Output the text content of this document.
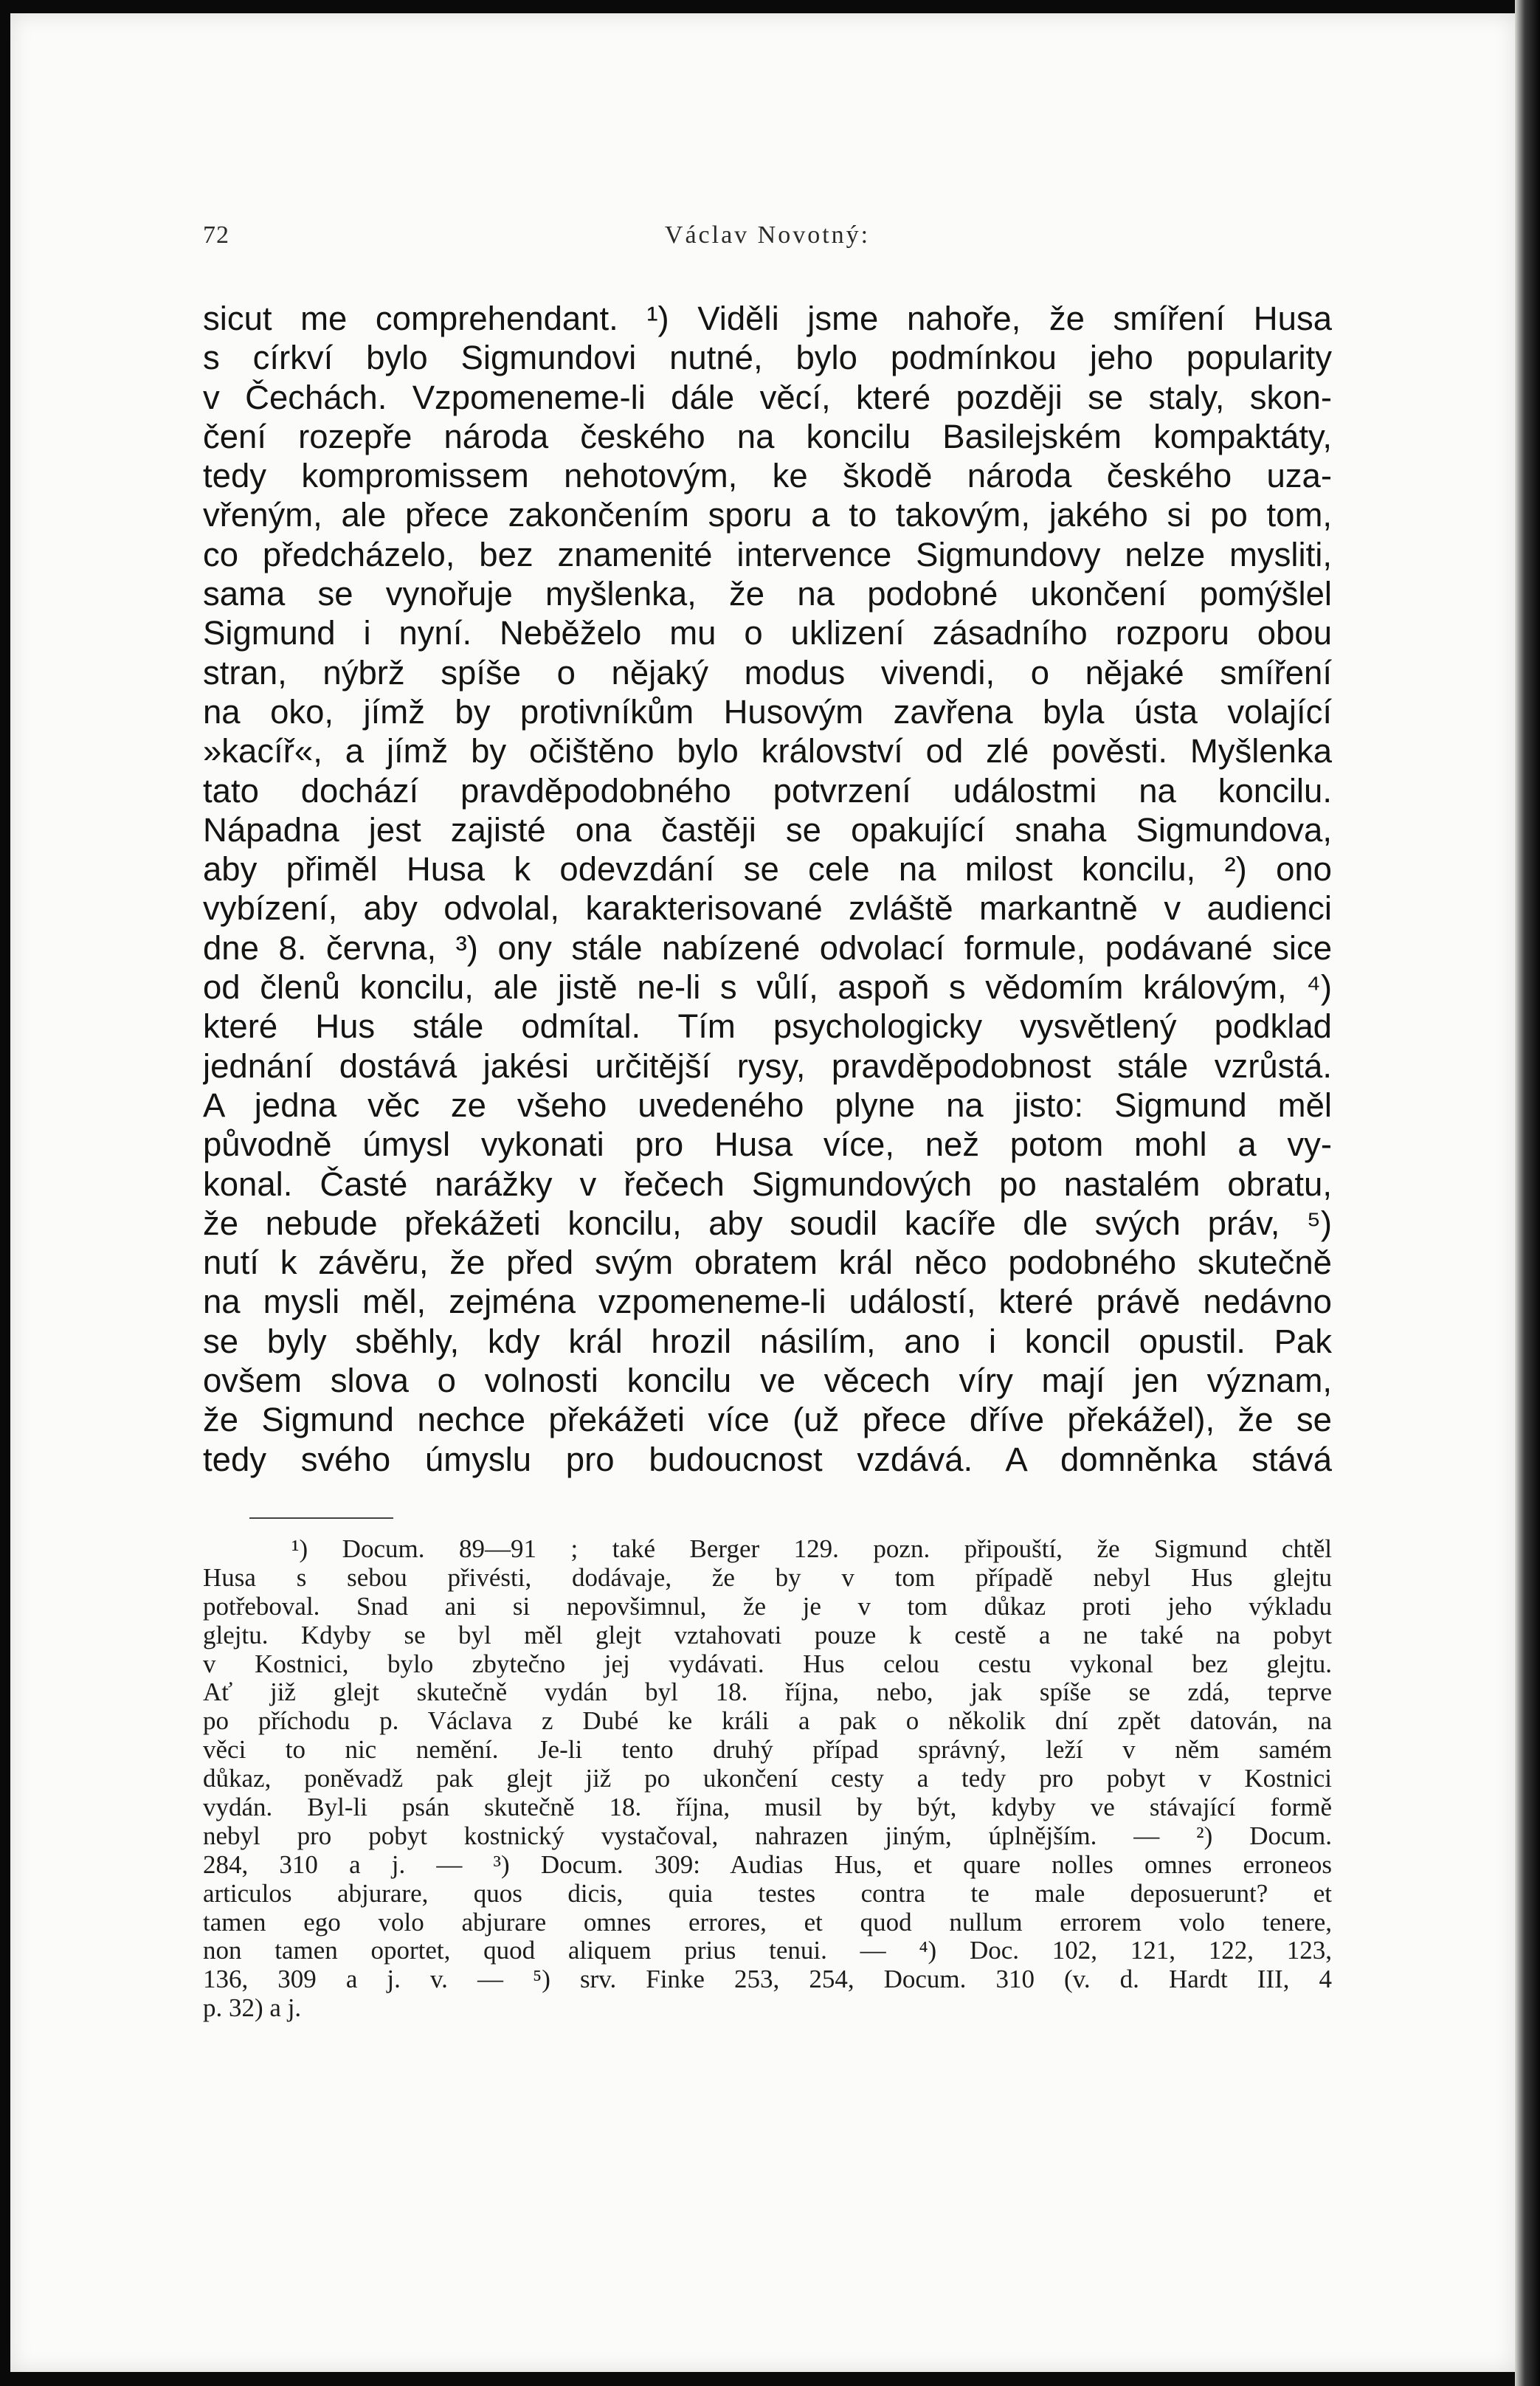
72	Václav Novotný:
sicut me comprehendant. ¹) Viděli jsme nahoře, že smíření Husa
s církví bylo Sigmundovi nutné, bylo podmínkou jeho popularity
v Čechách. Vzpomeneme-li dále věcí, které později se staly, skon-
čení rozepře národa českého na koncilu Basilejském kompaktáty,
tedy kompromissem nehotovým, ke škodě národa českého uza-
vřeným, ale přece zakončením sporu a to takovým, jakého si po tom,
co předcházelo, bez znamenité intervence Sigmundovy nelze mysliti,
sama se vynořuje myšlenka, že na podobné ukončení pomýšlel
Sigmund i nyní. Neběželo mu o uklizení zásadního rozporu obou
stran, nýbrž spíše o nějaký modus vivendi, o nějaké smíření
na oko, jímž by protivníkům Husovým zavřena byla ústa volající
»kacíř«, a jímž by očištěno bylo království od zlé pověsti. Myšlenka
tato dochází pravděpodobného potvrzení událostmi na koncilu.
Nápadna jest zajisté ona častěji se opakující snaha Sigmundova,
aby přiměl Husa k odevzdání se cele na milost koncilu, ²) ono
vybízení, aby odvolal, karakterisované zvláště markantně v audienci
dne 8. června, ³) ony stále nabízené odvolací formule, podávané sice
od členů koncilu, ale jistě ne-li s vůlí, aspoň s vědomím královým, ⁴)
které Hus stále odmítal. Tím psychologicky vysvětlený podklad
jednání dostává jakési určitější rysy, pravděpodobnost stále vzrůstá.
A jedna věc ze všeho uvedeného plyne na jisto: Sigmund měl
původně úmysl vykonati pro Husa více, než potom mohl a vy-
konal. Časté narážky v řečech Sigmundových po nastalém obratu,
že nebude překážeti koncilu, aby soudil kacíře dle svých práv, ⁵)
nutí k závěru, že před svým obratem král něco podobného skutečně
na mysli měl, zejména vzpomeneme-li událostí, které právě nedávno
se byly sběhly, kdy král hrozil násilím, ano i koncil opustil. Pak
ovšem slova o volnosti koncilu ve věcech víry mají jen význam,
že Sigmund nechce překážeti více (už přece dříve překážel), že se
tedy svého úmyslu pro budoucnost vzdává. A domněnka stává
¹) Docum. 89—91 ; také Berger 129. pozn. připouští, že Sigmund chtěl
Husa s sebou přivésti, dodávaje, že by v tom případě nebyl Hus glejtu
potřeboval. Snad ani si nepovšimnul, že je v tom důkaz proti jeho výkladu
glejtu. Kdyby se byl měl glejt vztahovati pouze k cestě a ne také na pobyt
v Kostnici, bylo zbytečno jej vydávati. Hus celou cestu vykonal bez glejtu.
Ať již glejt skutečně vydán byl 18. října, nebo, jak spíše se zdá, teprve
po příchodu p. Václava z Dubé ke králi a pak o několik dní zpět datován, na
věci to nic nemění. Je-li tento druhý případ správný, leží v něm samém
důkaz, poněvadž pak glejt již po ukončení cesty a tedy pro pobyt v Kostnici
vydán. Byl-li psán skutečně 18. října, musil by být, kdyby ve stávající formě
nebyl pro pobyt kostnický vystačoval, nahrazen jiným, úplnějším. — ²) Docum.
284, 310 a j. — ³) Docum. 309: Audias Hus, et quare nolles omnes erroneos
articulos abjurare, quos dicis, quia testes contra te male deposuerunt? et
tamen ego volo abjurare omnes errores, et quod nullum errorem volo tenere,
non tamen oportet, quod aliquem prius tenui. — ⁴) Doc. 102, 121, 122, 123,
136, 309 a j. v. — ⁵) srv. Finke 253, 254, Docum. 310 (v. d. Hardt III, 4
p. 32) a j.
